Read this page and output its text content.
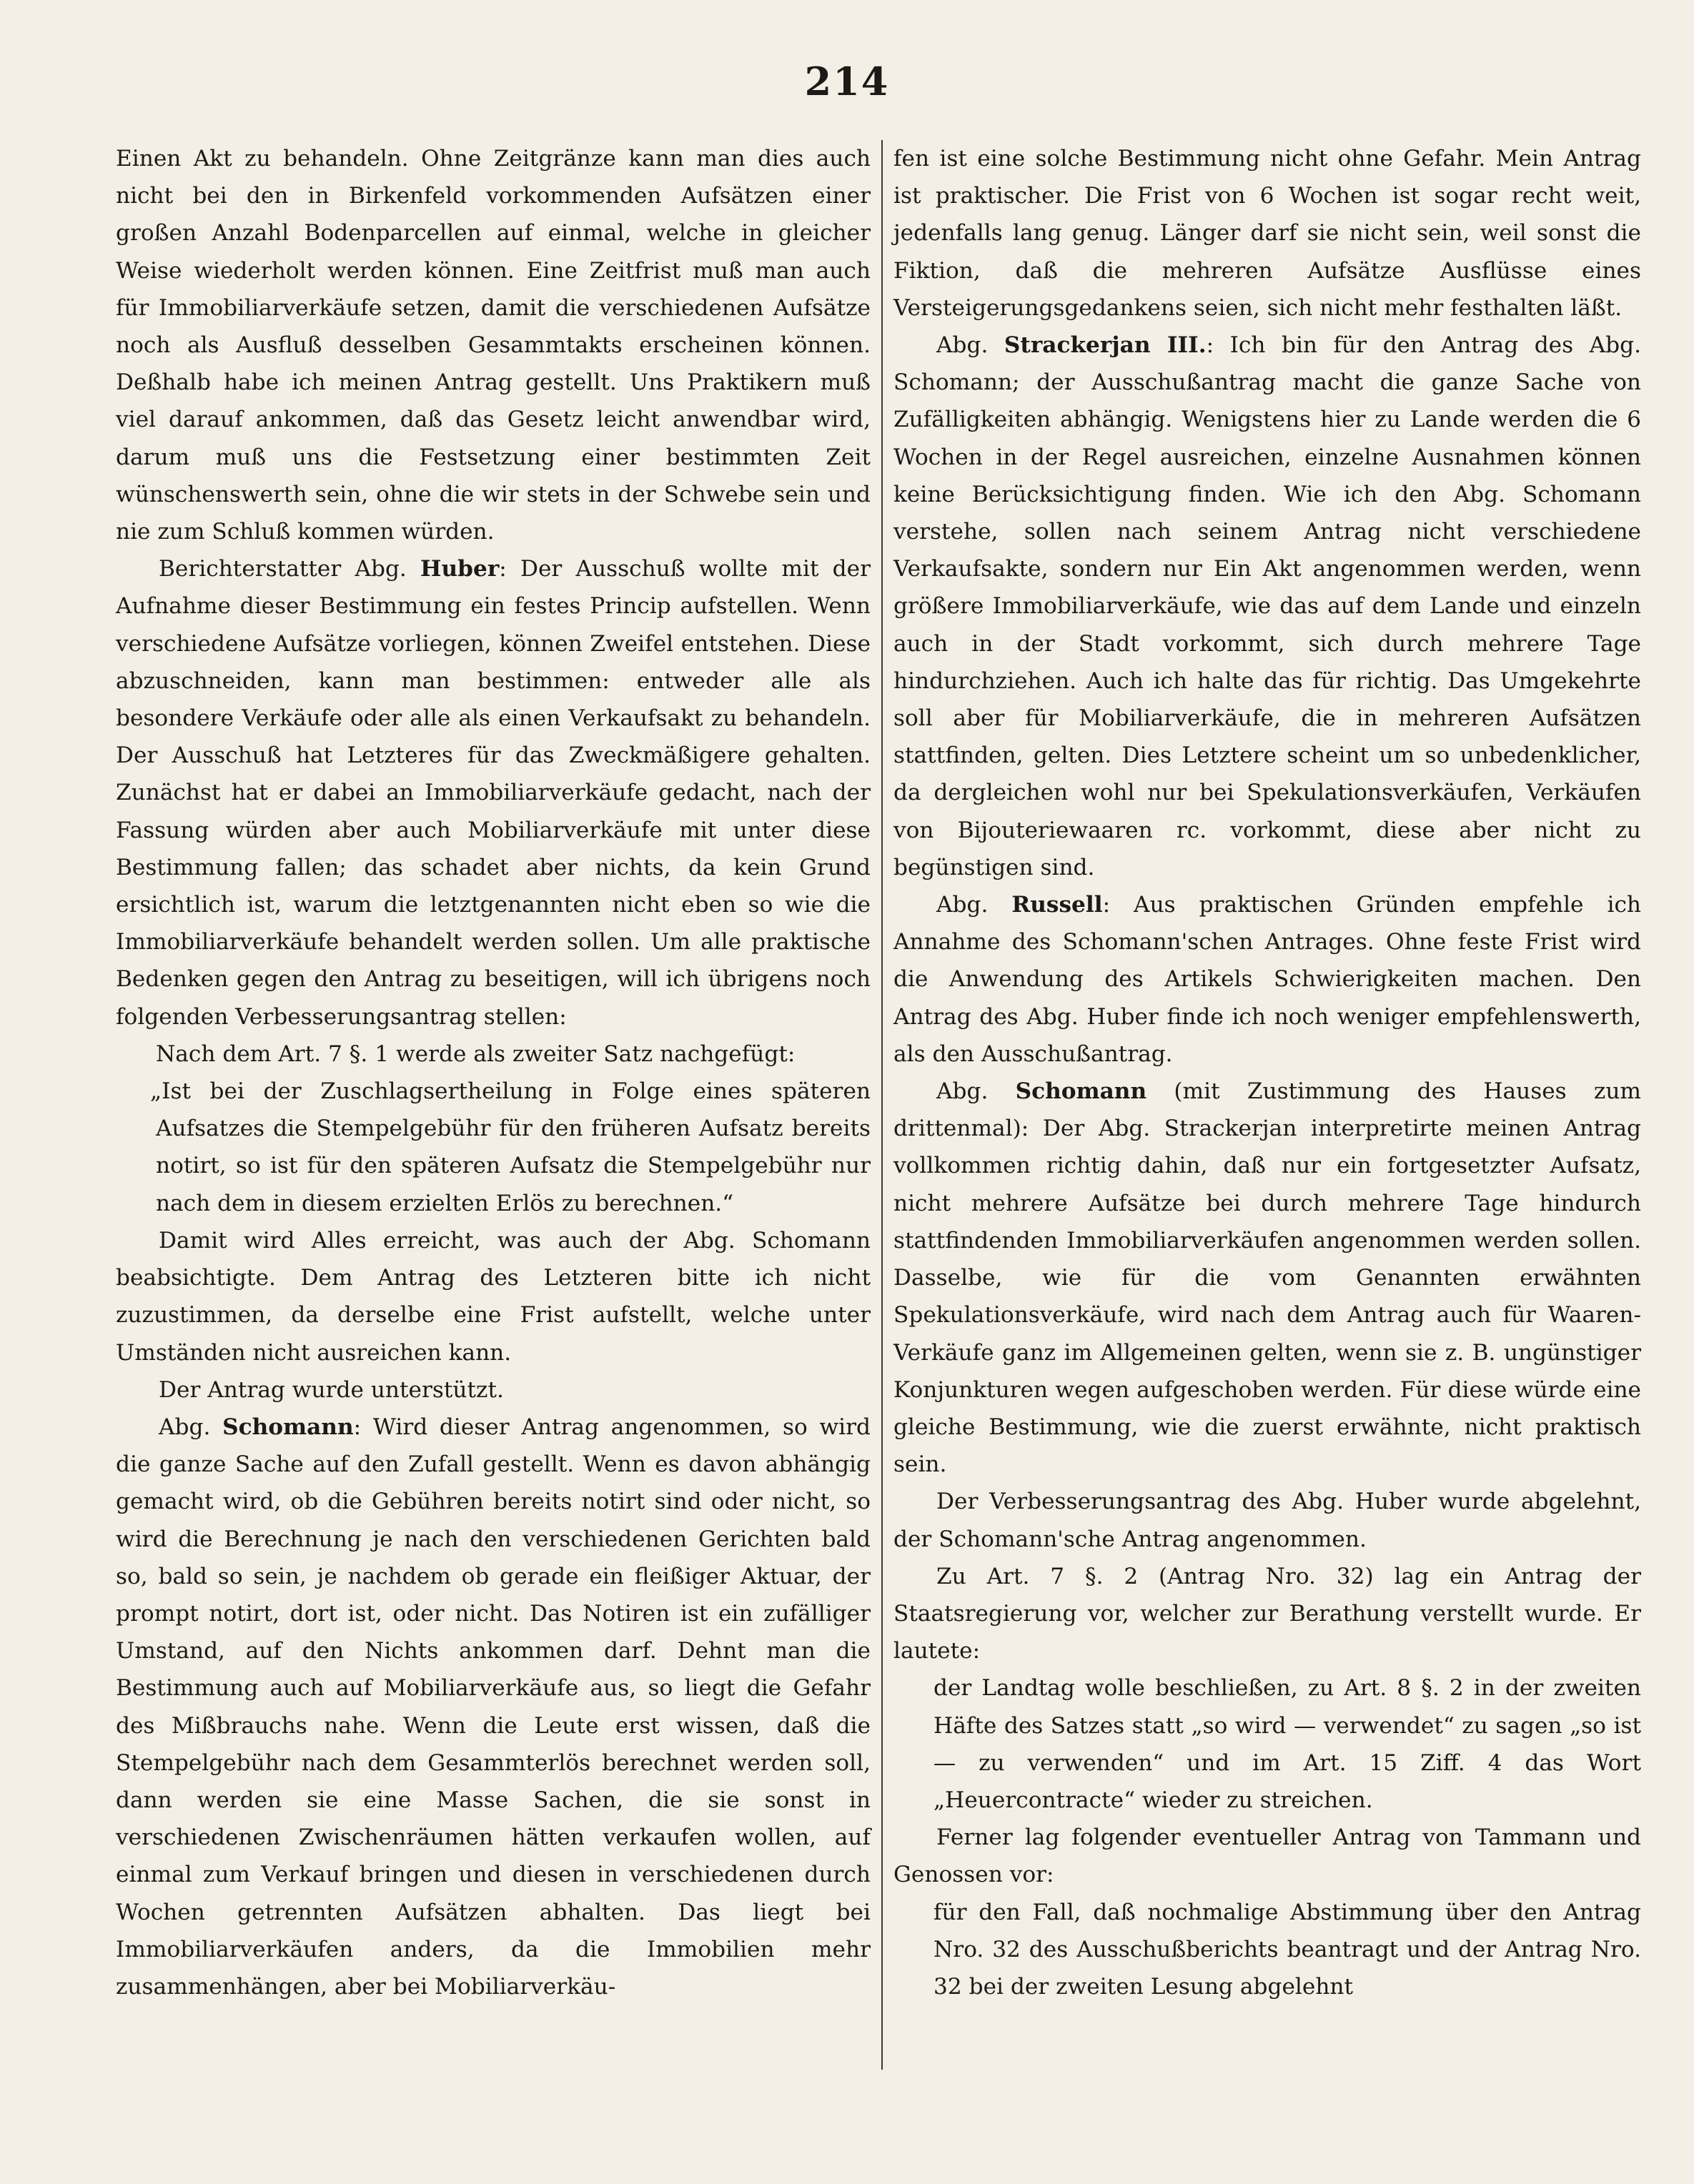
214

Einen Akt zu behandeln. Ohne Zeitgränze kann man dies auch nicht bei den in Birkenfeld vorkommenden Aufsätzen einer großen Anzahl Bodenparcellen auf einmal, welche in gleicher Weise wiederholt werden können. Eine Zeitfrist muß man auch für Immobiliarverkäufe setzen, damit die verschiedenen Aufsätze noch als Ausfluß desselben Gesammtakts erscheinen können. Deßhalb habe ich meinen Antrag gestellt. Uns Praktikern muß viel darauf ankommen, daß das Gesetz leicht anwendbar wird, darum muß uns die Festsetzung einer bestimmten Zeit wünschenswerth sein, ohne die wir stets in der Schwebe sein und nie zum Schluß kommen würden.

Berichterstatter Abg. Huber: Der Ausschuß wollte mit der Aufnahme dieser Bestimmung ein festes Princip aufstellen. Wenn verschiedene Aufsätze vorliegen, können Zweifel entstehen. Diese abzuschneiden, kann man bestimmen: entweder alle als besondere Verkäufe oder alle als einen Verkaufsakt zu behandeln. Der Ausschuß hat Letzteres für das Zweckmäßigere gehalten. Zunächst hat er dabei an Immobiliarverkäufe gedacht, nach der Fassung würden aber auch Mobiliarverkäufe mit unter diese Bestimmung fallen; das schadet aber nichts, da kein Grund ersichtlich ist, warum die letztgenannten nicht eben so wie die Immobiliarverkäufe behandelt werden sollen. Um alle praktische Bedenken gegen den Antrag zu beseitigen, will ich übrigens noch folgenden Verbesserungsantrag stellen:

Nach dem Art. 7 §. 1 werde als zweiter Satz nachgefügt:

„Ist bei der Zuschlagsertheilung in Folge eines späteren Aufsatzes die Stempelgebühr für den früheren Aufsatz bereits notirt, so ist für den späteren Aufsatz die Stempelgebühr nur nach dem in diesem erzielten Erlös zu berechnen.“

Damit wird Alles erreicht, was auch der Abg. Schomann beabsichtigte. Dem Antrag des Letzteren bitte ich nicht zuzustimmen, da derselbe eine Frist aufstellt, welche unter Umständen nicht ausreichen kann.

Der Antrag wurde unterstützt.

Abg. Schomann: Wird dieser Antrag angenommen, so wird die ganze Sache auf den Zufall gestellt. Wenn es davon abhängig gemacht wird, ob die Gebühren bereits notirt sind oder nicht, so wird die Berechnung je nach den verschiedenen Gerichten bald so, bald so sein, je nachdem ob gerade ein fleißiger Aktuar, der prompt notirt, dort ist, oder nicht. Das Notiren ist ein zufälliger Umstand, auf den Nichts ankommen darf. Dehnt man die Bestimmung auch auf Mobiliarverkäufe aus, so liegt die Gefahr des Mißbrauchs nahe. Wenn die Leute erst wissen, daß die Stempelgebühr nach dem Gesammterlös berechnet werden soll, dann werden sie eine Masse Sachen, die sie sonst in verschiedenen Zwischenräumen hätten verkaufen wollen, auf einmal zum Verkauf bringen und diesen in verschiedenen durch Wochen getrennten Aufsätzen abhalten. Das liegt bei Immobiliarverkäufen anders, da die Immobilien mehr zusammenhängen, aber bei Mobiliarverkäu-

fen ist eine solche Bestimmung nicht ohne Gefahr. Mein Antrag ist praktischer. Die Frist von 6 Wochen ist sogar recht weit, jedenfalls lang genug. Länger darf sie nicht sein, weil sonst die Fiktion, daß die mehreren Aufsätze Ausflüsse eines Versteigerungsgedankens seien, sich nicht mehr festhalten läßt.

Abg. Strackerjan III.: Ich bin für den Antrag des Abg. Schomann; der Ausschußantrag macht die ganze Sache von Zufälligkeiten abhängig. Wenigstens hier zu Lande werden die 6 Wochen in der Regel ausreichen, einzelne Ausnahmen können keine Berücksichtigung finden. Wie ich den Abg. Schomann verstehe, sollen nach seinem Antrag nicht verschiedene Verkaufsakte, sondern nur Ein Akt angenommen werden, wenn größere Immobiliarverkäufe, wie das auf dem Lande und einzeln auch in der Stadt vorkommt, sich durch mehrere Tage hindurchziehen. Auch ich halte das für richtig. Das Umgekehrte soll aber für Mobiliarverkäufe, die in mehreren Aufsätzen stattfinden, gelten. Dies Letztere scheint um so unbedenklicher, da dergleichen wohl nur bei Spekulationsverkäufen, Verkäufen von Bijouteriewaaren rc. vorkommt, diese aber nicht zu begünstigen sind.

Abg. Russell: Aus praktischen Gründen empfehle ich Annahme des Schomann'schen Antrages. Ohne feste Frist wird die Anwendung des Artikels Schwierigkeiten machen. Den Antrag des Abg. Huber finde ich noch weniger empfehlenswerth, als den Ausschußantrag.

Abg. Schomann (mit Zustimmung des Hauses zum drittenmal): Der Abg. Strackerjan interpretirte meinen Antrag vollkommen richtig dahin, daß nur ein fortgesetzter Aufsatz, nicht mehrere Aufsätze bei durch mehrere Tage hindurch stattfindenden Immobiliarverkäufen angenommen werden sollen. Dasselbe, wie für die vom Genannten erwähnten Spekulationsverkäufe, wird nach dem Antrag auch für Waaren-Verkäufe ganz im Allgemeinen gelten, wenn sie z. B. ungünstiger Konjunkturen wegen aufgeschoben werden. Für diese würde eine gleiche Bestimmung, wie die zuerst erwähnte, nicht praktisch sein.

Der Verbesserungsantrag des Abg. Huber wurde abgelehnt, der Schomann'sche Antrag angenommen.

Zu Art. 7 §. 2 (Antrag Nro. 32) lag ein Antrag der Staatsregierung vor, welcher zur Berathung verstellt wurde. Er lautete:

der Landtag wolle beschließen, zu Art. 8 §. 2 in der zweiten Häfte des Satzes statt „so wird — verwendet“ zu sagen „so ist — zu verwenden“ und im Art. 15 Ziff. 4 das Wort „Heuercontracte“ wieder zu streichen.

Ferner lag folgender eventueller Antrag von Tammann und Genossen vor:

für den Fall, daß nochmalige Abstimmung über den Antrag Nro. 32 des Ausschußberichts beantragt und der Antrag Nro. 32 bei der zweiten Lesung abgelehnt
